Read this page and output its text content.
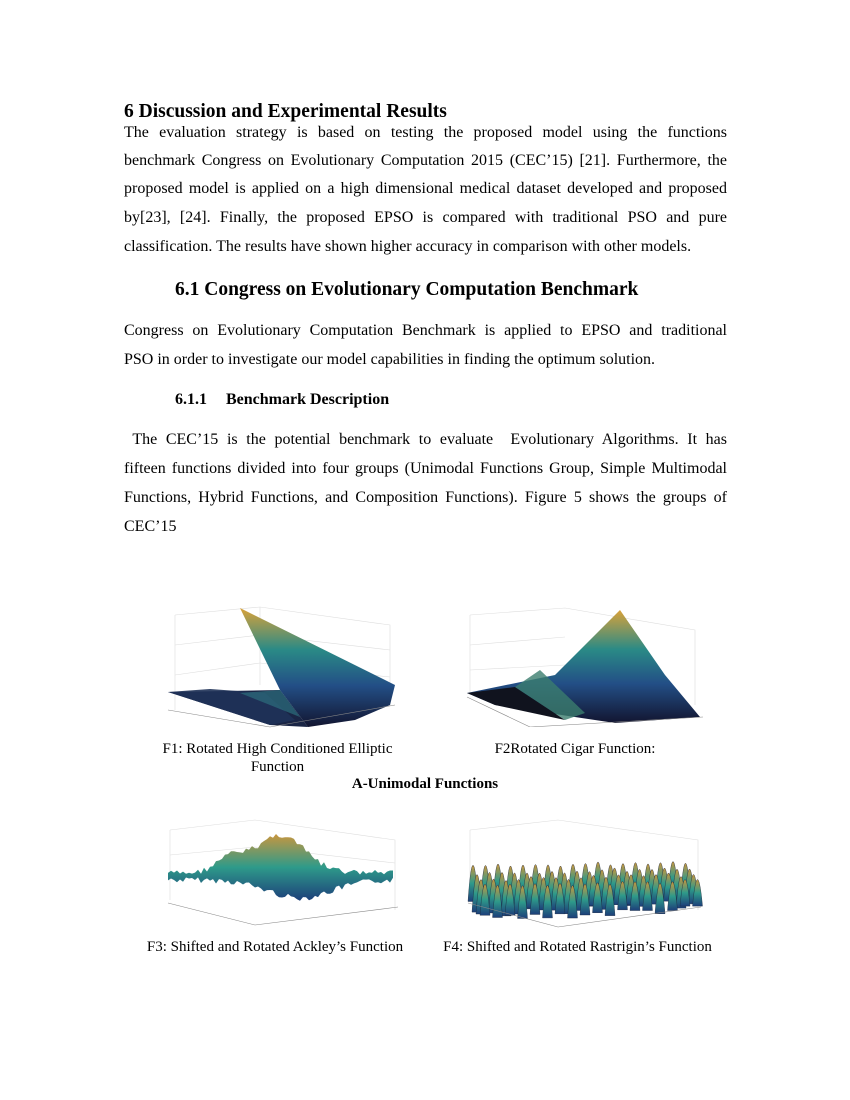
6 Discussion and Experimental Results
The evaluation strategy is based on testing the proposed model using the functions
benchmark Congress on Evolutionary Computation 2015 (CEC’15) [21]. Furthermore, the
proposed model is applied on a high dimensional medical dataset developed and proposed
by[23], [24]. Finally, the proposed EPSO is compared with traditional PSO and pure
classification. The results have shown higher accuracy in comparison with other models.
6.1 Congress on Evolutionary Computation Benchmark
Congress on Evolutionary Computation Benchmark is applied to EPSO and traditional
PSO in order to investigate our model capabilities in finding the optimum solution.
6.1.1 Benchmark Description
The CEC’15 is the potential benchmark to evaluate  Evolutionary Algorithms. It has
fifteen functions divided into four groups (Unimodal Functions Group, Simple Multimodal
Functions, Hybrid Functions, and Composition Functions). Figure 5 shows the groups of
CEC’15
F1: Rotated High Conditioned Elliptic
Function
F2Rotated Cigar Function:
A-Unimodal Functions
F3: Shifted and Rotated Ackley’s Function	F4: Shifted and Rotated Rastrigin’s Function
